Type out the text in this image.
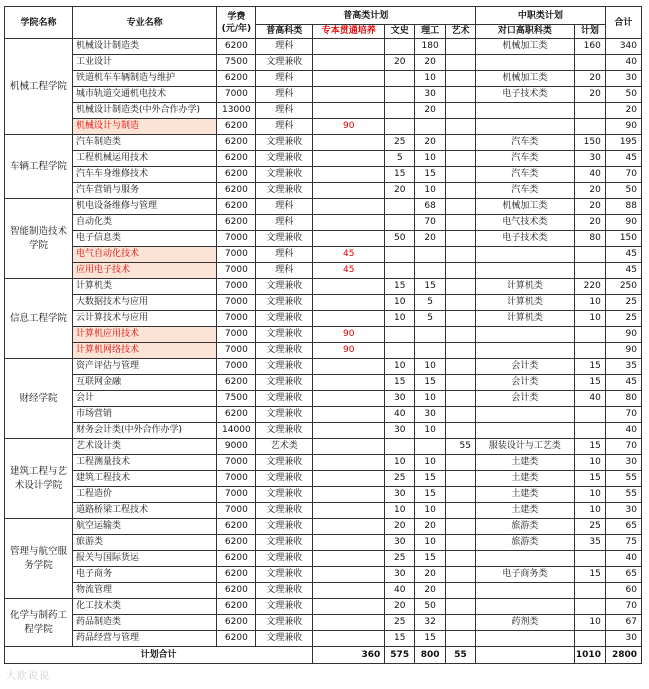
学院名称	专业名称	学费
(元/年)	普高类计划					中职类计划		合计
			普高科类	专本贯通培养	文史	理工	艺术	对口高职科类	计划	
机械工程学院	机械设计制造类	6200	理科			180		机械加工类	160	340
	工业设计	7500	文理兼收		20	20				40
	铁道机车车辆制造与维护	6200	理科			10		机械加工类	20	30
	城市轨道交通机电技术	7000	理科			30		电子技术类	20	50
	机械设计制造类(中外合作办学)	13000	理科			20				20
	机械设计与制造	6200	理科	90						90
车辆工程学院	汽车制造类	6200	文理兼收		25	20		汽车类	150	195
	工程机械运用技术	6200	文理兼收		5	10		汽车类	30	45
	汽车车身维修技术	6200	文理兼收		15	15		汽车类	40	70
	汽车营销与服务	6200	文理兼收		20	10		汽车类	20	50
智能制造技术学院	机电设备维修与管理	6200	理科			68		机械加工类	20	88
	自动化类	6200	理科			70		电气技术类	20	90
	电子信息类	7000	文理兼收		50	20		电子技术类	80	150
	电气自动化技术	7000	理科	45						45
	应用电子技术	7000	理科	45						45
信息工程学院	计算机类	7000	文理兼收		15	15		计算机类	220	250
	大数据技术与应用	7000	文理兼收		10	5		计算机类	10	25
	云计算技术与应用	7000	文理兼收		10	5		计算机类	10	25
	计算机应用技术	7000	文理兼收	90						90
	计算机网络技术	7000	文理兼收	90						90
财经学院	资产评估与管理	7000	文理兼收		10	10		会计类	15	35
	互联网金融	6200	文理兼收		15	15		会计类	15	45
	会计	7500	文理兼收		30	10		会计类	40	80
	市场营销	6200	文理兼收		40	30				70
	财务会计类(中外合作办学)	14000	文理兼收		30	10				40
建筑工程与艺术设计学院	艺术设计类	9000	艺术类				55	服装设计与工艺类	15	70
	工程测量技术	7000	文理兼收		10	10		土建类	10	30
	建筑工程技术	7000	文理兼收		25	15		土建类	15	55
	工程造价	7000	文理兼收		30	15		土建类	10	55
	道路桥梁工程技术	7000	文理兼收		10	10		土建类	10	30
管理与航空服务学院	航空运输类	6200	文理兼收		20	20		旅游类	25	65
	旅游类	6200	文理兼收		30	10		旅游类	35	75
	报关与国际货运	6200	文理兼收		25	15				40
	电子商务	6200	文理兼收		30	20		电子商务类	15	65
	物流管理	6200	文理兼收		40	20				60
化学与制药工程学院	化工技术类	6200	文理兼收		20	50				70
	药品制造类	6200	文理兼收		25	32		药剂类	10	67
	药品经营与管理	6200	文理兼收		15	15				30
计划合计				360	575	800	55		1010	2800
大欧说说
